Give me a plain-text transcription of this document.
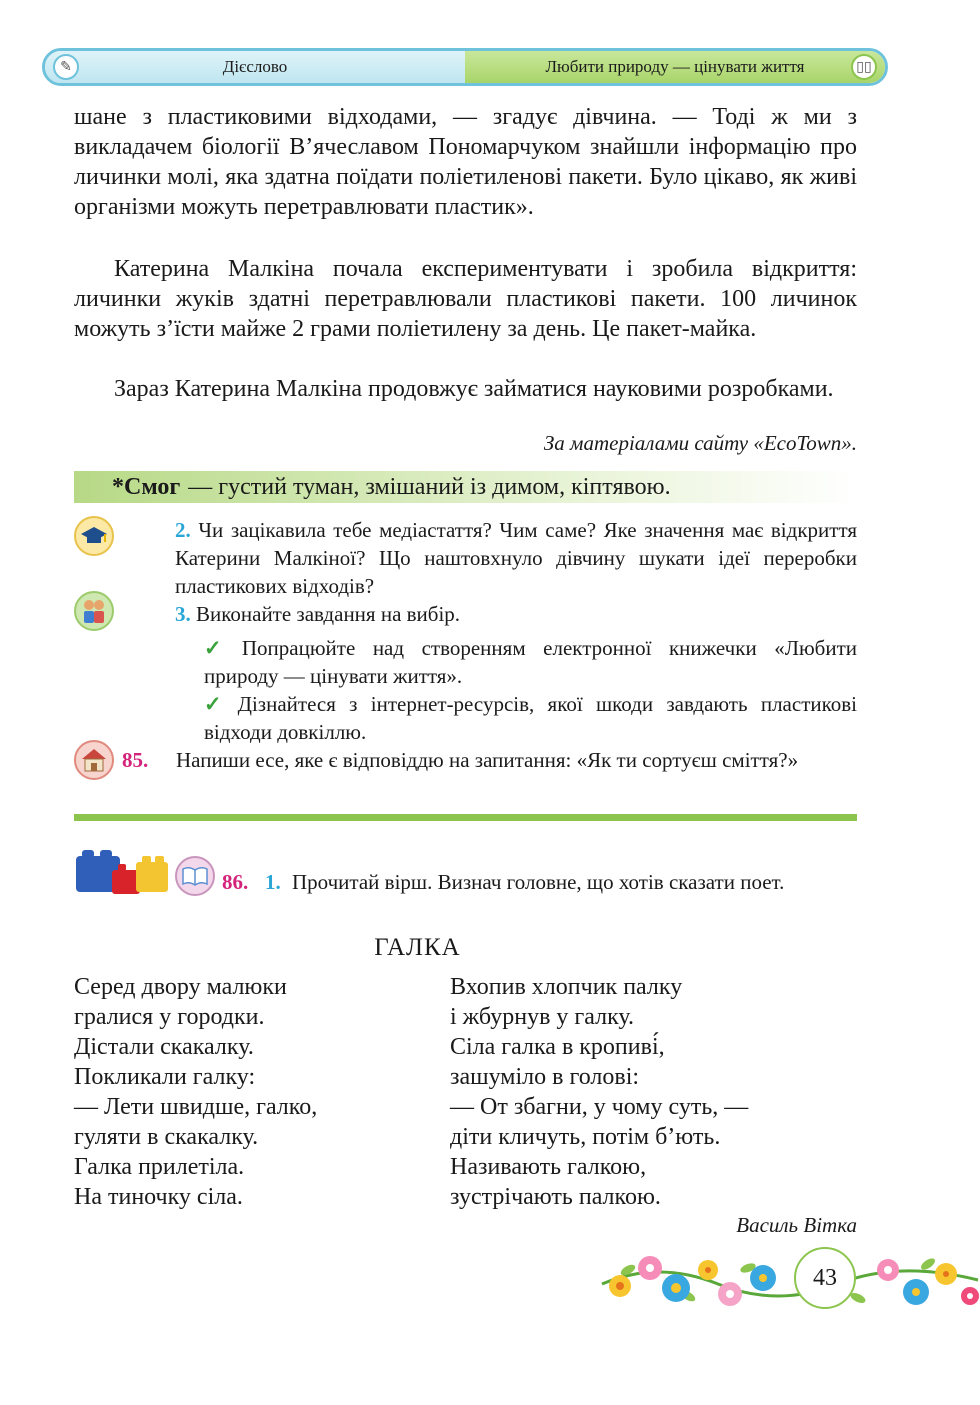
✎	Дієслово	Любити природу — цінувати життя	▯▯
шане з пластиковими відходами, — згадує дівчина. — Тоді ж ми з викладачем біології В’ячеславом Пономарчуком знайшли інформацію про личинки молі, яка здатна поїдати поліетиленові пакети. Було цікаво, як живі організми можуть перетравлювати пластик».
Катерина Малкіна почала експериментувати і зробила відкриття: личинки жуків здатні перетравлювали пластикові пакети. 100 личинок можуть з’їсти майже 2 грами поліетилену за день. Це пакет-майка.
Зараз Катерина Малкіна продовжує займатися науковими розробками.
За матеріалами сайту «EcoTown».
*Смог — густий туман, змішаний із димом, кіптявою.
2. Чи зацікавила тебе медіастаття? Чим саме? Яке значення має відкриття Катерини Малкіної? Що наштовхнуло дівчину шукати ідеї переробки пластикових відходів?
3. Виконайте завдання на вибір.
✓ Попрацюйте над створенням електронної книжечки «Любити природу — цінувати життя».
✓ Дізнайтеся з інтернет-ресурсів, якої шкоди завдають пластикові відходи довкіллю.
85. Напиши есе, яке є відповіддю на запитання: «Як ти сортуєш сміття?»
86. 1. Прочитай вірш. Визнач головне, що хотів сказати поет.
ГАЛКА
Серед двору малюки
гралися у городки.
Дістали скакалку.
Покликали галку:
— Лети швидше, галко,
гуляти в скакалку.
Галка прилетіла.
На тиночку сіла.
Вхопив хлопчик палку
і жбурнув у галку.
Сіла галка в кропиві́,
зашуміло в голові:
— От збагни, у чому суть, —
діти кличуть, потім б’ють.
Називають галкою,
зустрічають палкою.
Василь Вітка
43
